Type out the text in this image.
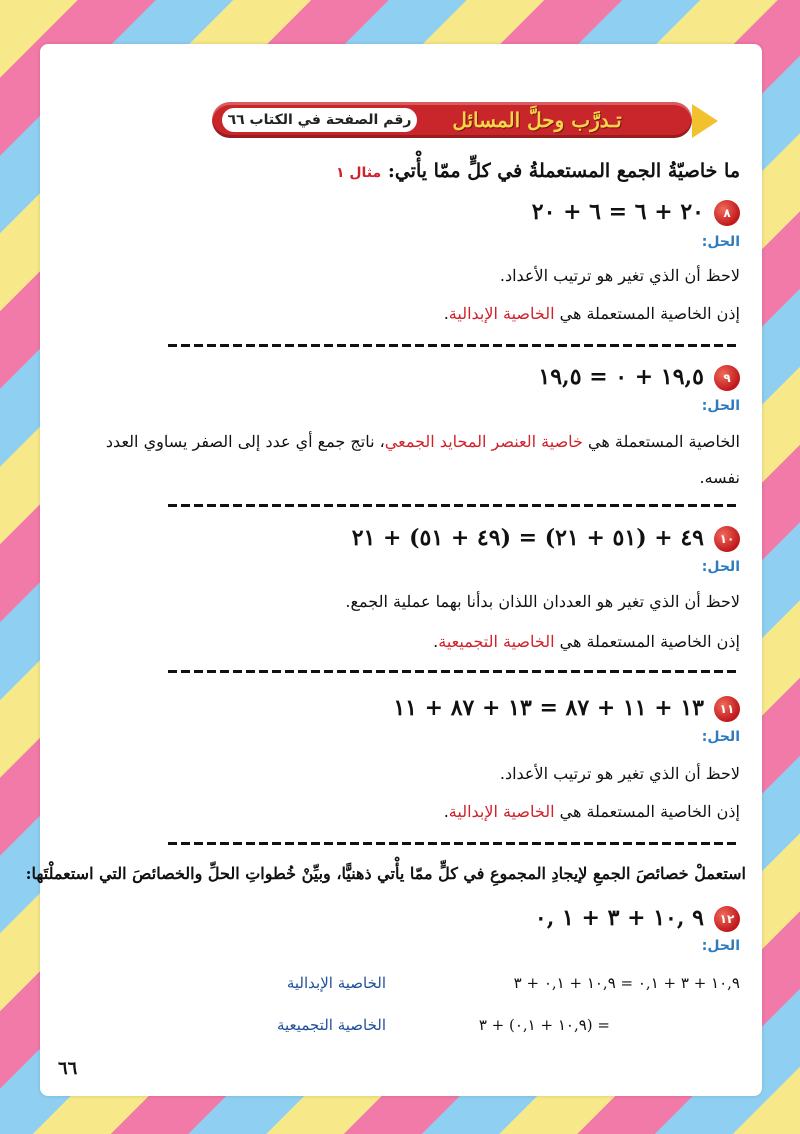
رقم الصفحة في الكتاب ٦٦	تـدرَّب وحلَّ المسائل
ما خاصيّةُ الجمع المستعملةُ في كلٍّ ممّا يأْتي: مثال ١
٨
٢٠ + ٦ = ٦ + ٢٠
الحل:
لاحظ أن الذي تغير هو ترتيب الأعداد.
إذن الخاصية المستعملة هي الخاصية الإبدالية.
٩
١٩,٥ + ٠ = ١٩,٥
الحل:
الخاصية المستعملة هي خاصية العنصر المحايد الجمعي، ناتج جمع أي عدد إلى الصفر يساوي العدد نفسه.
١٠
٤٩ + (٥١ + ٢١) = (٤٩ + ٥١) + ٢١
الحل:
لاحظ أن الذي تغير هو العددان اللذان بدأنا بهما عملية الجمع.
إذن الخاصية المستعملة هي الخاصية التجميعية.
١١
١٣ + ١١ + ٨٧ = ١٣ + ٨٧ + ١١
الحل:
لاحظ أن الذي تغير هو ترتيب الأعداد.
إذن الخاصية المستعملة هي الخاصية الإبدالية.
استعملْ خصائصَ الجمعِ لإيجادِ المجموعِ في كلٍّ ممّا يأْتي ذهنيًّا، وبيِّنْ خُطواتِ الحلِّ والخصائصَ التي استعملْتَها:
١٢
٩ ,١٠ + ٣ + ١ ,٠
الحل:
١٠,٩ + ٣ + ٠,١ = ١٠,٩ + ٠,١ + ٣
الخاصية الإبدالية
= (١٠,٩ + ٠,١) + ٣
الخاصية التجميعية
٦٦
